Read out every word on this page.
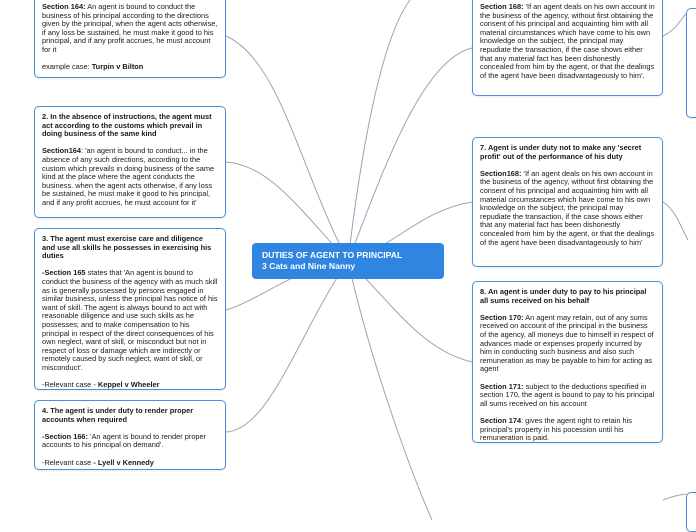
Section 164: An agent is bound to conduct the business of his principal according to the directions given by the principal, when the agent acts otherwise, if any loss be sustained, he must make it good to his principal, and if any profit accrues, he must account for it

example case: Turpin v Bilton

2. In the absence of instructions, the agent must act according to the customs which prevail in doing business of the same kind

Section164: 'an agent is bound to conduct... in the absence of any such directions, according to the custom which prevails in doing business of the same kind at the place where the agent conducts the business. when the agent acts otherwise, if any loss be sustained, he must make it good to his principal, and if any profit accrues, he must account for it'

3. The agent must exercise care and diligence and use all skills he possesses in exercising his duties

-Section 165 states that 'An agent is bound to conduct the business of the agency with as much skill as is generally possessed by persons engaged in similar business, unless the principal has notice of his want of skill. The agent is always bound to act with reasonable diligence and use such skills as he possesses; and to make compensation to his principal in respect of the direct consequences of his own neglect, want of skill, or misconduct but not in respect of loss or damage which are indirectly or remotely caused by such neglect, want of skill, or misconduct'.

-Relevant case - Keppel v Wheeler

4. The agent is under duty to render proper accounts when required

-Section 166: 'An agent is bound to render proper accounts to his principal on demand'.

-Relevant case - Lyell v Kennedy

Section 168: 'If an agent deals on his own account in the business of the agency, without first obtaining the consent of his principal and acquainting him with all material circumstances which have come to his own knowledge on the subject, the principal may repudiate the transaction, if the case shows either that any material fact has been dishonestly concealed from him by the agent, or that the dealings of the agent have been disadvantageously to him'.

7. Agent is under duty not to make any 'secret profit' out of the performance of his duty

Section168: 'If an agent deals on his own account in the business of the agency, without first obtaining the consent of his principal and acquainting him with all material circumstances which have come to his own knowledge on the subject, the principal may repudiate the transaction, if the case shows either that any material fact has been dishonestly concealed from him by the agent, or that the dealings of the agent have been disadvantageously to him'

8. An agent is under duty to pay to his principal all sums received on his behalf

Section 170: An agent may retain, out of any sums received on account of the principal in the business of the agency, all moneys due to himself in respect of advances made or expenses properly incurred by him in conducting such business and also such remuneration as may be payable to him for acting as agent

Section 171: subject to the deductions specified in section 170, the agent is bound to pay to his principal all sums received on his account

Section 174: gives the agent right to retain his principal's property in his pocession until his remuneration is paid.

DUTIES OF AGENT TO PRINCIPAL
3 Cats and Nine Nanny
